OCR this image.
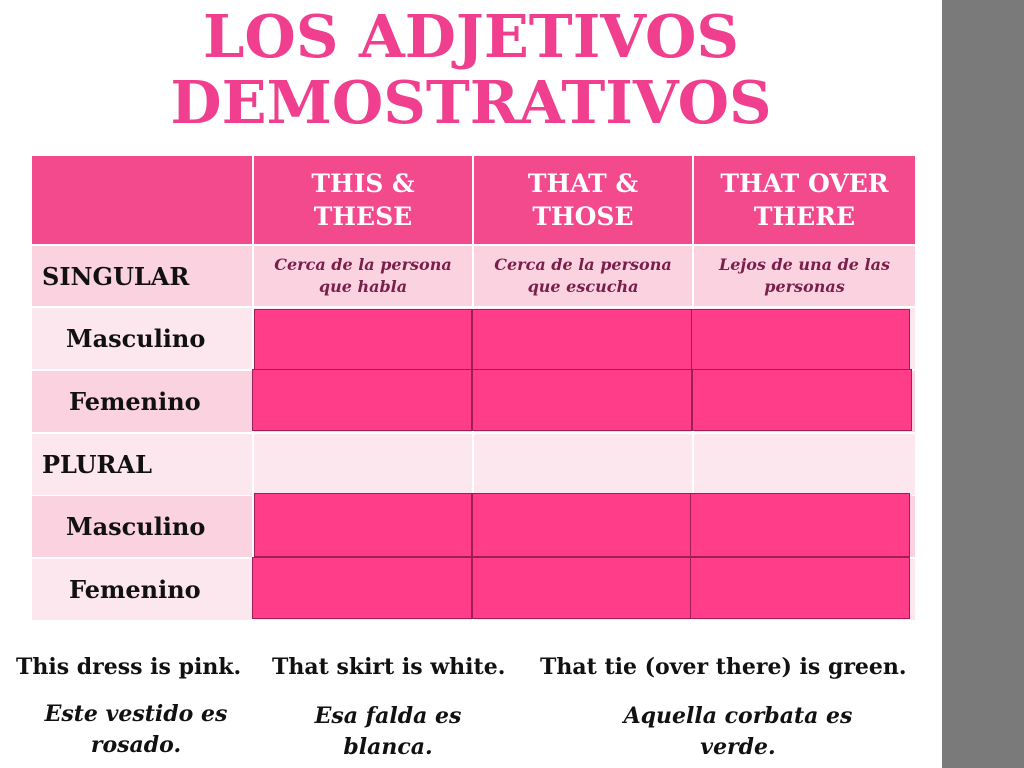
LOS ADJETIVOS
DEMOSTRATIVOS
THIS &
THESE
THAT &
THOSE
THAT OVER
THERE
SINGULAR	Cerca de la persona que habla
Cerca de la persona que escucha
Lejos de una de las personas
Masculino
Femenino
PLURAL
Masculino
Femenino
This dress is pink. That skirt is white. That tie (over there) is green.
Este vestido es rosado.
Esa falda es blanca.
Aquella corbata es verde.
